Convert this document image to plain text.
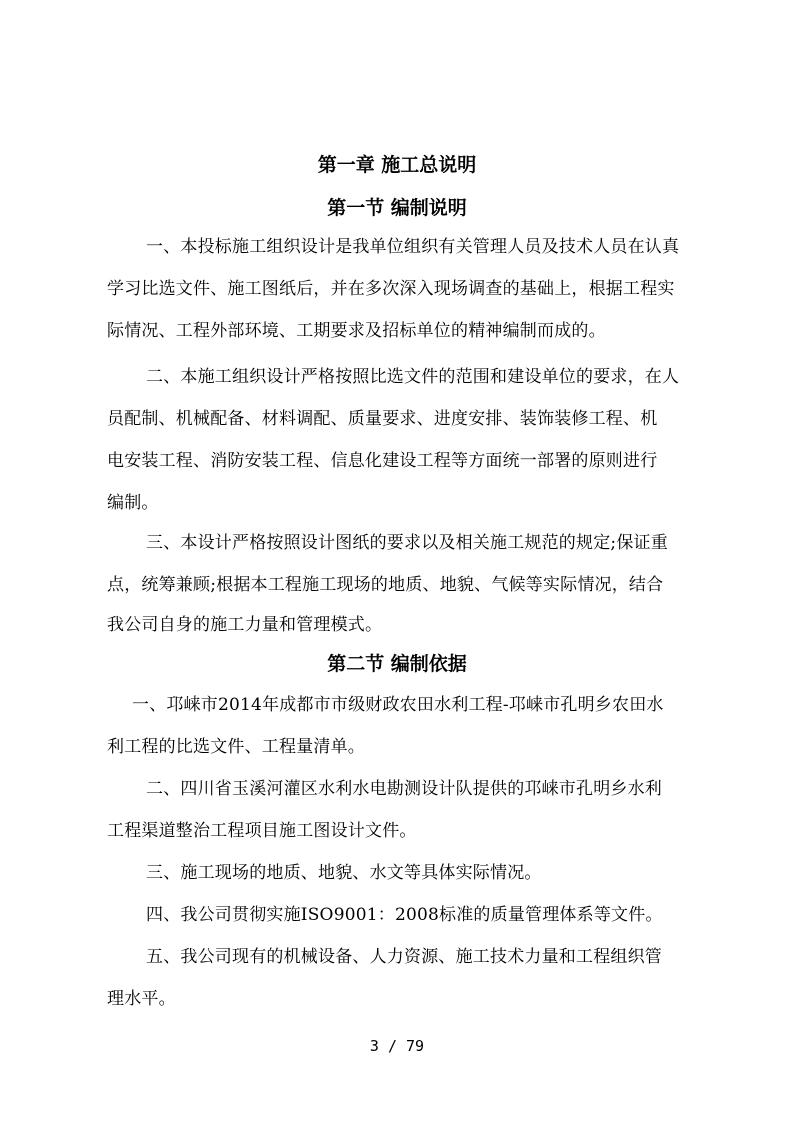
第一章 施工总说明
第一节 编制说明
一、本投标施工组织设计是我单位组织有关管理人员及技术人员在认真
学习比选文件、施工图纸后，并在多次深入现场调查的基础上，根据工程实
际情况、工程外部环境、工期要求及招标单位的精神编制而成的。
二、本施工组织设计严格按照比选文件的范围和建设单位的要求，在人
员配制、机械配备、材料调配、质量要求、进度安排、装饰装修工程、机
电安装工程、消防安装工程、信息化建设工程等方面统一部署的原则进行
编制。
三、本设计严格按照设计图纸的要求以及相关施工规范的规定;保证重
点，统筹兼顾;根据本工程施工现场的地质、地貌、气候等实际情况，结合
我公司自身的施工力量和管理模式。
第二节 编制依据
一、邛崃市2014年成都市市级财政农田水利工程-邛崃市孔明乡农田水
利工程的比选文件、工程量清单。
二、四川省玉溪河灌区水利水电勘测设计队提供的邛崃市孔明乡水利
工程渠道整治工程项目施工图设计文件。
三、施工现场的地质、地貌、水文等具体实际情况。
四、我公司贯彻实施ISO9001：2008标准的质量管理体系等文件。
五、我公司现有的机械设备、人力资源、施工技术力量和工程组织管
理水平。
3 / 79
